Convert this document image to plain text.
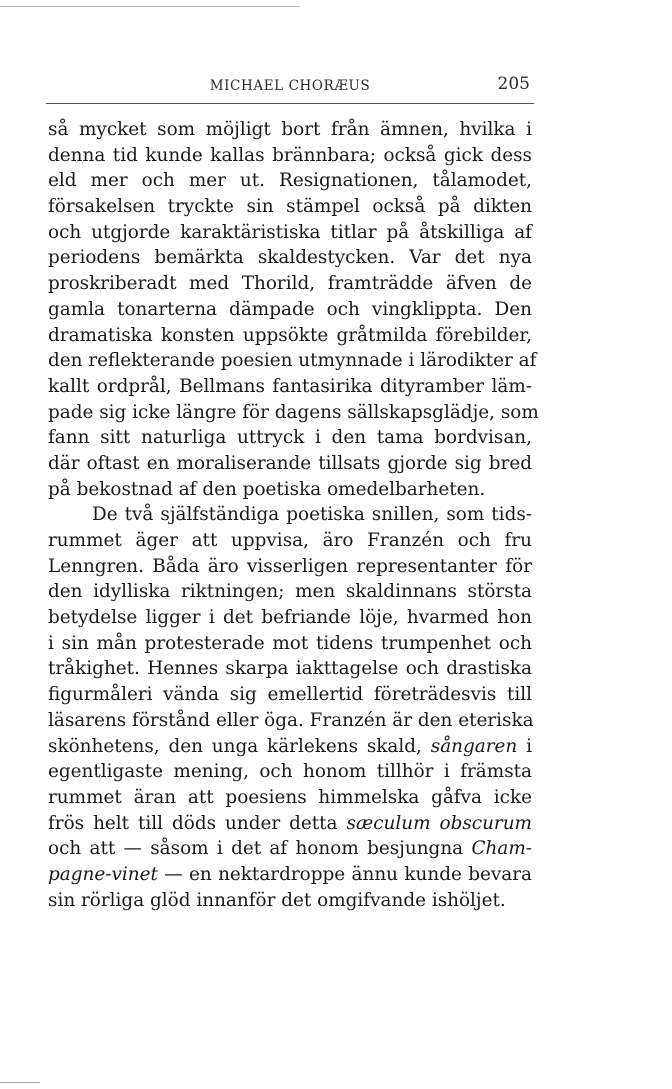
MICHAEL CHORÆUS	205
så mycket som möjligt bort från ämnen, hvilka i
denna tid kunde kallas brännbara; också gick dess
eld mer och mer ut. Resignationen, tålamodet,
försakelsen tryckte sin stämpel också på dikten
och utgjorde karaktäristiska titlar på åtskilliga af
periodens bemärkta skaldestycken. Var det nya
proskriberadt med Thorild, framträdde äfven de
gamla tonarterna dämpade och vingklippta. Den
dramatiska konsten uppsökte gråtmilda förebilder,
den reflekterande poesien utmynnade i lärodikter af
kallt ordprål, Bellmans fantasirika dityramber läm-
pade sig icke längre för dagens sällskapsglädje, som
fann sitt naturliga uttryck i den tama bordvisan,
där oftast en moraliserande tillsats gjorde sig bred
på bekostnad af den poetiska omedelbarheten.
De två själfständiga poetiska snillen, som tids-
rummet äger att uppvisa, äro Franzén och fru
Lenngren. Båda äro visserligen representanter för
den idylliska riktningen; men skaldinnans största
betydelse ligger i det befriande löje, hvarmed hon
i sin mån protesterade mot tidens trumpenhet och
tråkighet. Hennes skarpa iakttagelse och drastiska
figurmåleri vända sig emellertid företrädesvis till
läsarens förstånd eller öga. Franzén är den eteriska
skönhetens, den unga kärlekens skald, sångaren i
egentligaste mening, och honom tillhör i främsta
rummet äran att poesiens himmelska gåfva icke
frös helt till döds under detta sæculum obscurum
och att — såsom i det af honom besjungna Cham-
pagne-vinet — en nektardroppe ännu kunde bevara
sin rörliga glöd innanför det omgifvande ishöljet.
